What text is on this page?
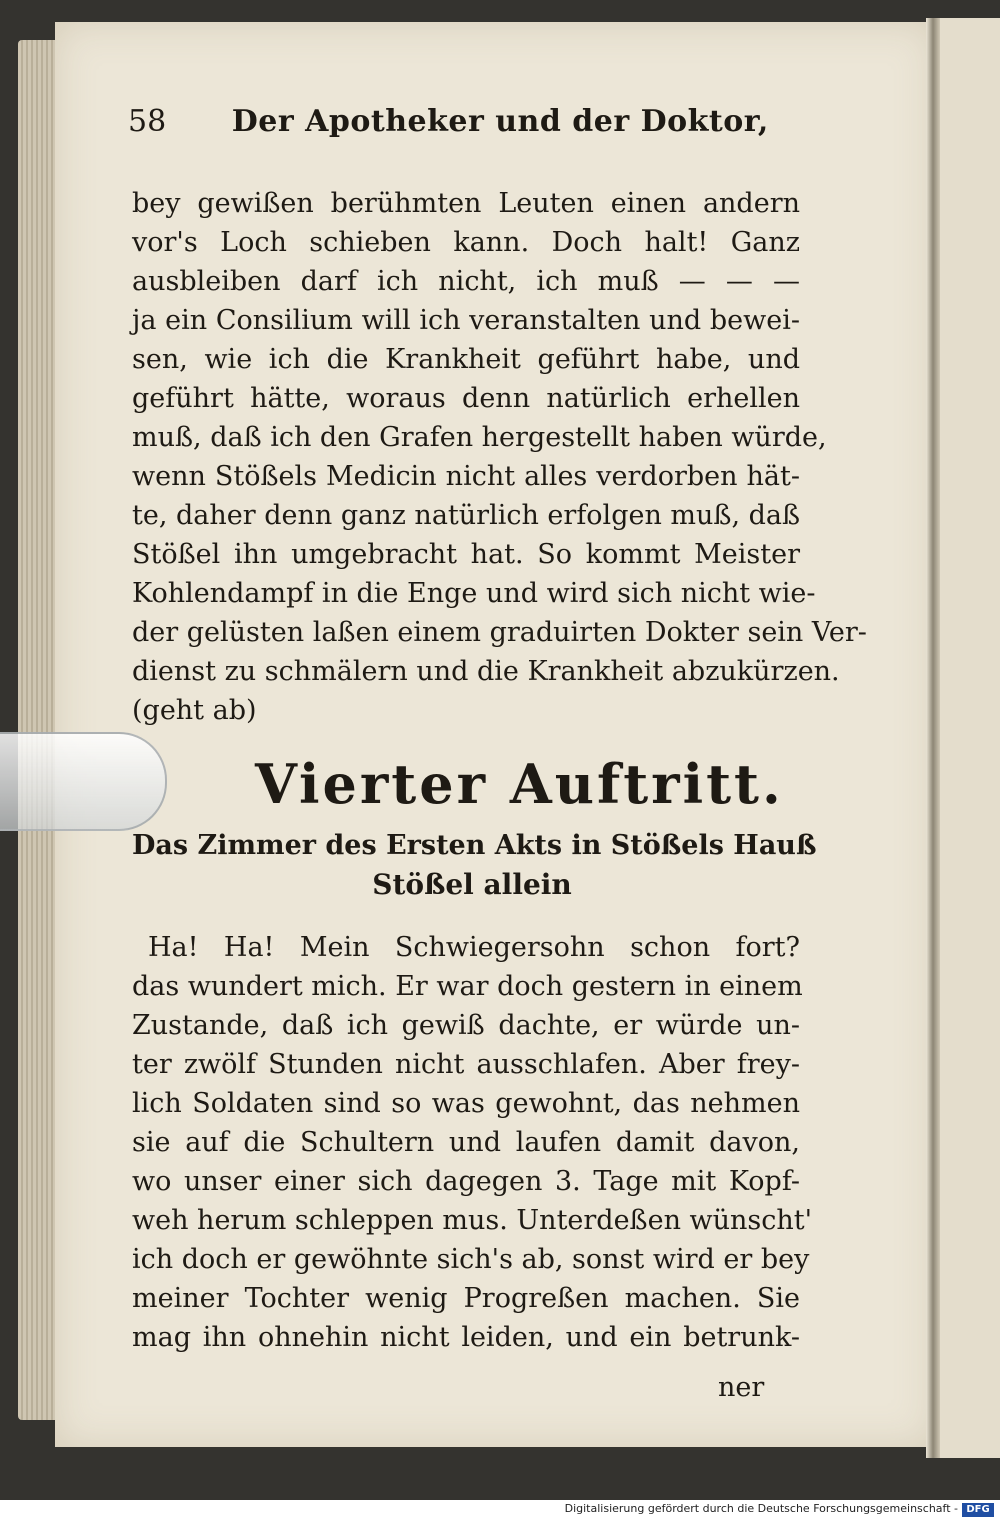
58 Der Apotheker und der Doktor,
bey gewißen berühmten Leuten einen andern
vor's Loch schieben kann. Doch halt! Ganz
ausbleiben darf ich nicht, ich muß — — —
ja ein Consilium will ich veranstalten und bewei-
sen, wie ich die Krankheit geführt habe, und
geführt hätte, woraus denn natürlich erhellen
muß, daß ich den Grafen hergestellt haben würde,
wenn Stößels Medicin nicht alles verdorben hät-
te, daher denn ganz natürlich erfolgen muß, daß
Stößel ihn umgebracht hat. So kommt Meister
Kohlendampf in die Enge und wird sich nicht wie-
der gelüsten laßen einem graduirten Dokter sein Ver-
dienst zu schmälern und die Krankheit abzukürzen.
(geht ab)
Vierter Auftritt.
Das Zimmer des Ersten Akts in Stößels Hauß
Stößel allein
Ha! Ha! Mein Schwiegersohn schon fort?
das wundert mich. Er war doch gestern in einem
Zustande, daß ich gewiß dachte, er würde un-
ter zwölf Stunden nicht ausschlafen. Aber frey-
lich Soldaten sind so was gewohnt, das nehmen
sie auf die Schultern und laufen damit davon,
wo unser einer sich dagegen 3. Tage mit Kopf-
weh herum schleppen mus. Unterdeßen wünscht'
ich doch er gewöhnte sich's ab, sonst wird er bey
meiner Tochter wenig Progreßen machen. Sie
mag ihn ohnehin nicht leiden, und ein betrunk-
ner
Digitalisierung gefördert durch die Deutsche Forschungsgemeinschaft - DFG
